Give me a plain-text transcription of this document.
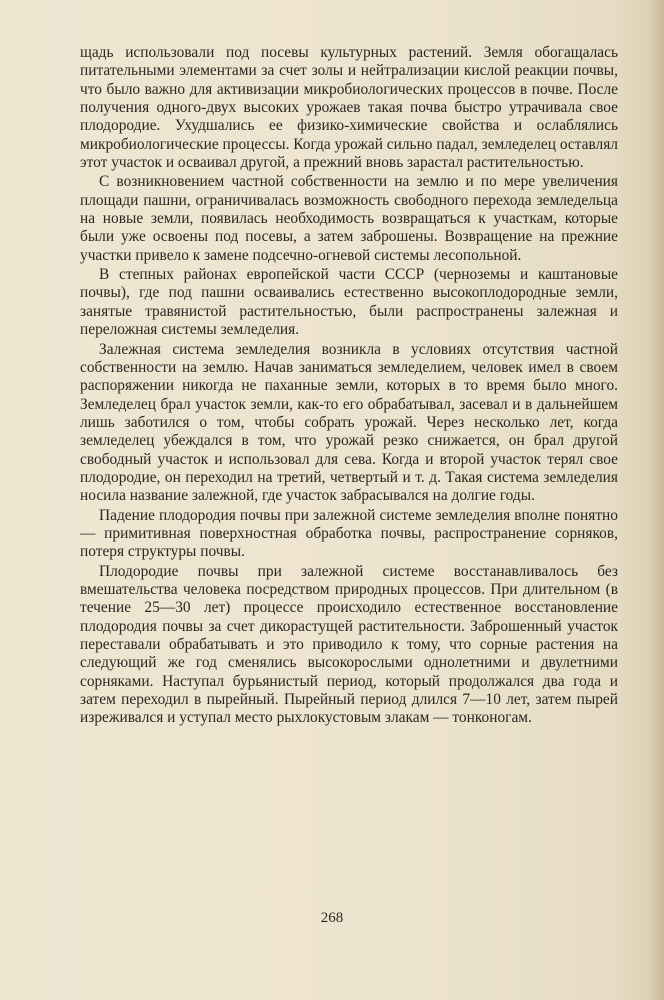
щадь использовали под посевы культурных растений. Земля обогащалась питательными элементами за счет золы и нейтрализации кислой реакции почвы, что было важно для активизации микробиологических процессов в почве. После получения одного-двух высоких урожаев такая почва быстро утрачивала свое плодородие. Ухудшались ее физико-химические свойства и ослаблялись микробиологические процессы. Когда урожай сильно падал, земледелец оставлял этот участок и осваивал другой, а прежний вновь зарастал растительностью.

С возникновением частной собственности на землю и по мере увеличения площади пашни, ограничивалась возможность свободного перехода земледельца на новые земли, появилась необходимость возвращаться к участкам, которые были уже освоены под посевы, а затем заброшены. Возвращение на прежние участки привело к замене подсечно-огневой системы лесопольной.

В степных районах европейской части СССР (черноземы и каштановые почвы), где под пашни осваивались естественно высокоплодородные земли, занятые травянистой растительностью, были распространены залежная и переложная системы земледелия.

Залежная система земледелия возникла в условиях отсутствия частной собственности на землю. Начав заниматься земледелием, человек имел в своем распоряжении никогда не паханные земли, которых в то время было много. Земледелец брал участок земли, как-то его обрабатывал, засевал и в дальнейшем лишь заботился о том, чтобы собрать урожай. Через несколько лет, когда земледелец убеждался в том, что урожай резко снижается, он брал другой свободный участок и использовал для сева. Когда и второй участок терял свое плодородие, он переходил на третий, четвертый и т. д. Такая система земледелия носила название залежной, где участок забрасывался на долгие годы.

Падение плодородия почвы при залежной системе земледелия вполне понятно — примитивная поверхностная обработка почвы, распространение сорняков, потеря структуры почвы.

Плодородие почвы при залежной системе восстанавливалось без вмешательства человека посредством природных процессов. При длительном (в течение 25—30 лет) процессе происходило естественное восстановление плодородия почвы за счет дикорастущей растительности. Заброшенный участок переставали обрабатывать и это приводило к тому, что сорные растения на следующий же год сменялись высокорослыми однолетними и двулетними сорняками. Наступал бурьянистый период, который продолжался два года и затем переходил в пырейный. Пырейный период длился 7—10 лет, затем пырей изреживался и уступал место рыхлокустовым злакам — тонконогам.

268
